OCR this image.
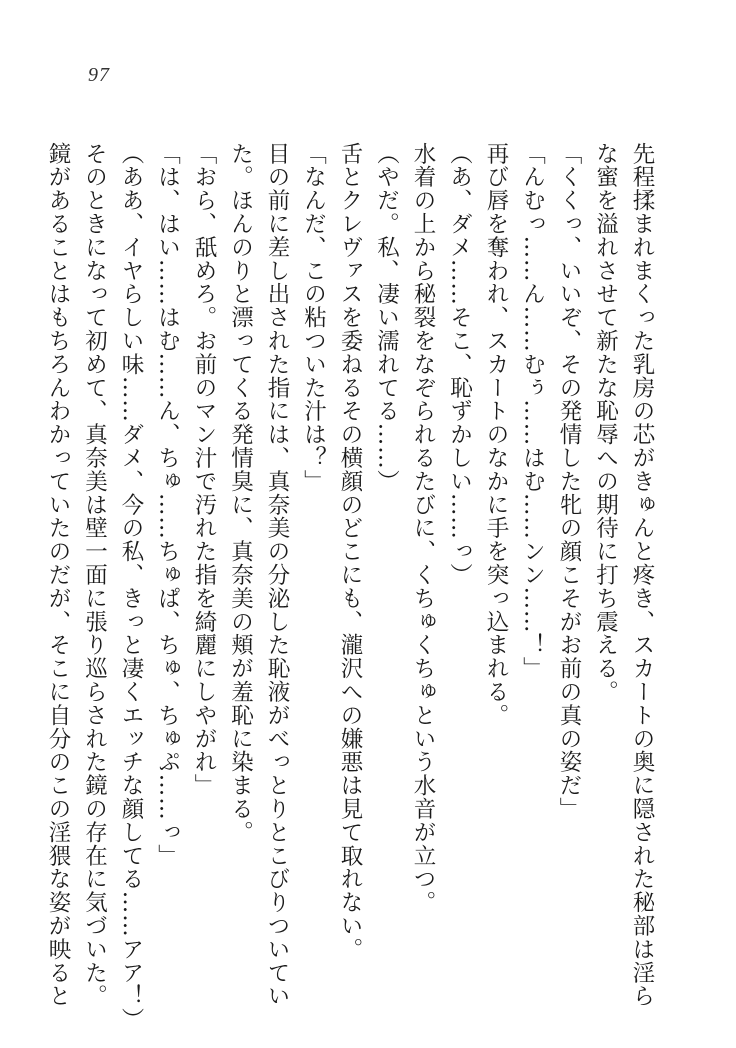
97
先程揉まれまくった乳房の芯がきゅんと疼き、スカートの奥に隠された秘部は淫ら
な蜜を溢れさせて新たな恥辱への期待に打ち震える。
「くくっ、いいぞ、その発情した牝の顔こそがお前の真の姿だ」
「んむっ……ん……むぅ……はむ……ンン……！」
再び唇を奪われ、スカートのなかに手を突っ込まれる。
（あ、ダメ……そこ、恥ずかしい……っ）
水着の上から秘裂をなぞられるたびに、くちゅくちゅという水音が立つ。
（やだ。私、凄い濡れてる……）
舌とクレヴァスを委ねるその横顔のどこにも、瀧沢への嫌悪は見て取れない。
「なんだ、この粘ついた汁は？」
目の前に差し出された指には、真奈美の分泌した恥液がべっとりとこびりついてい
た。ほんのりと漂ってくる発情臭に、真奈美の頬が羞恥に染まる。
「おら、舐めろ。お前のマン汁で汚れた指を綺麗にしやがれ」
「は、はい……はむ……ん、ちゅ……ちゅぱ、ちゅ、ちゅぷ……っ」
（ああ、イヤらしい味……ダメ、今の私、きっと凄くエッチな顔してる……アア！）
そのときになって初めて、真奈美は壁一面に張り巡らされた鏡の存在に気づいた。
鏡があることはもちろんわかっていたのだが、そこに自分のこの淫猥な姿が映ると
